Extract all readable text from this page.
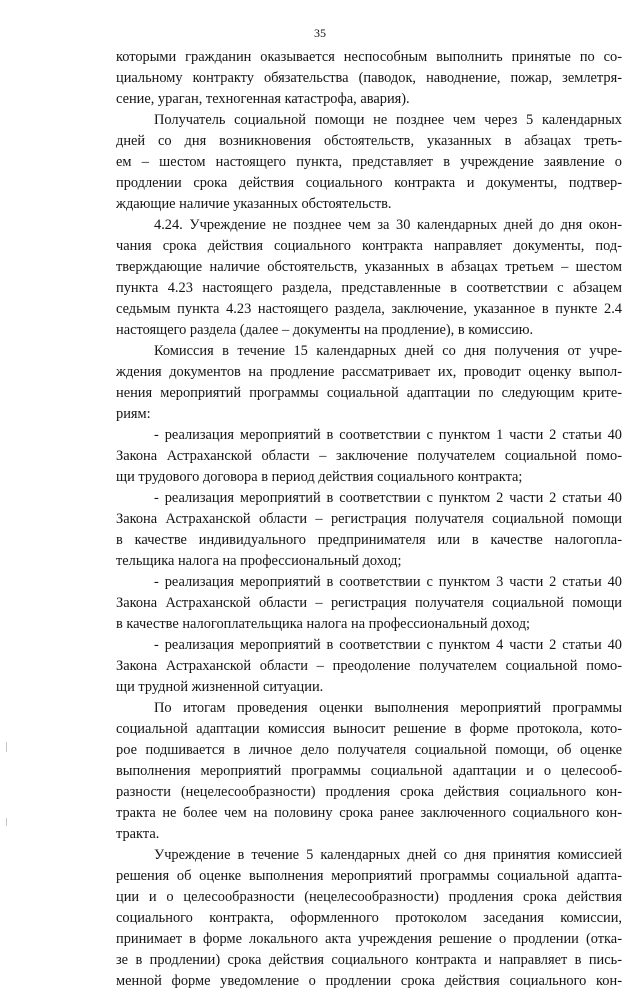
35
которыми гражданин оказывается неспособным выполнить принятые по со-
циальному контракту обязательства (паводок, наводнение, пожар, землетря-
сение, ураган, техногенная катастрофа, авария).
Получатель социальной помощи не позднее чем через 5 календарных
дней со дня возникновения обстоятельств, указанных в абзацах треть-
ем – шестом настоящего пункта, представляет в учреждение заявление о
продлении срока действия социального контракта и документы, подтвер-
ждающие наличие указанных обстоятельств.
4.24. Учреждение не позднее чем за 30 календарных дней до дня окон-
чания срока действия социального контракта направляет документы, под-
тверждающие наличие обстоятельств, указанных в абзацах третьем – шестом
пункта 4.23 настоящего раздела, представленные в соответствии с абзацем
седьмым пункта 4.23 настоящего раздела, заключение, указанное в пункте 2.4
настоящего раздела (далее – документы на продление), в комиссию.
Комиссия в течение 15 календарных дней со дня получения от учре-
ждения документов на продление рассматривает их, проводит оценку выпол-
нения мероприятий программы социальной адаптации по следующим крите-
риям:
- реализация мероприятий в соответствии с пунктом 1 части 2 статьи 40
Закона Астраханской области – заключение получателем социальной помо-
щи трудового договора в период действия социального контракта;
- реализация мероприятий в соответствии с пунктом 2 части 2 статьи 40
Закона Астраханской области – регистрация получателя социальной помощи
в качестве индивидуального предпринимателя или в качестве налогопла-
тельщика налога на профессиональный доход;
- реализация мероприятий в соответствии с пунктом 3 части 2 статьи 40
Закона Астраханской области – регистрация получателя социальной помощи
в качестве налогоплательщика налога на профессиональный доход;
- реализация мероприятий в соответствии с пунктом 4 части 2 статьи 40
Закона Астраханской области – преодоление получателем социальной помо-
щи трудной жизненной ситуации.
По итогам проведения оценки выполнения мероприятий программы
социальной адаптации комиссия выносит решение в форме протокола, кото-
рое подшивается в личное дело получателя социальной помощи, об оценке
выполнения мероприятий программы социальной адаптации и о целесооб-
разности (нецелесообразности) продления срока действия социального кон-
тракта не более чем на половину срока ранее заключенного социального кон-
тракта.
Учреждение в течение 5 календарных дней со дня принятия комиссией
решения об оценке выполнения мероприятий программы социальной адапта-
ции и о целесообразности (нецелесообразности) продления срока действия
социального контракта, оформленного протоколом заседания комиссии,
принимает в форме локального акта учреждения решение о продлении (отка-
зе в продлении) срока действия социального контракта и направляет в пись-
менной форме уведомление о продлении срока действия социального кон-
